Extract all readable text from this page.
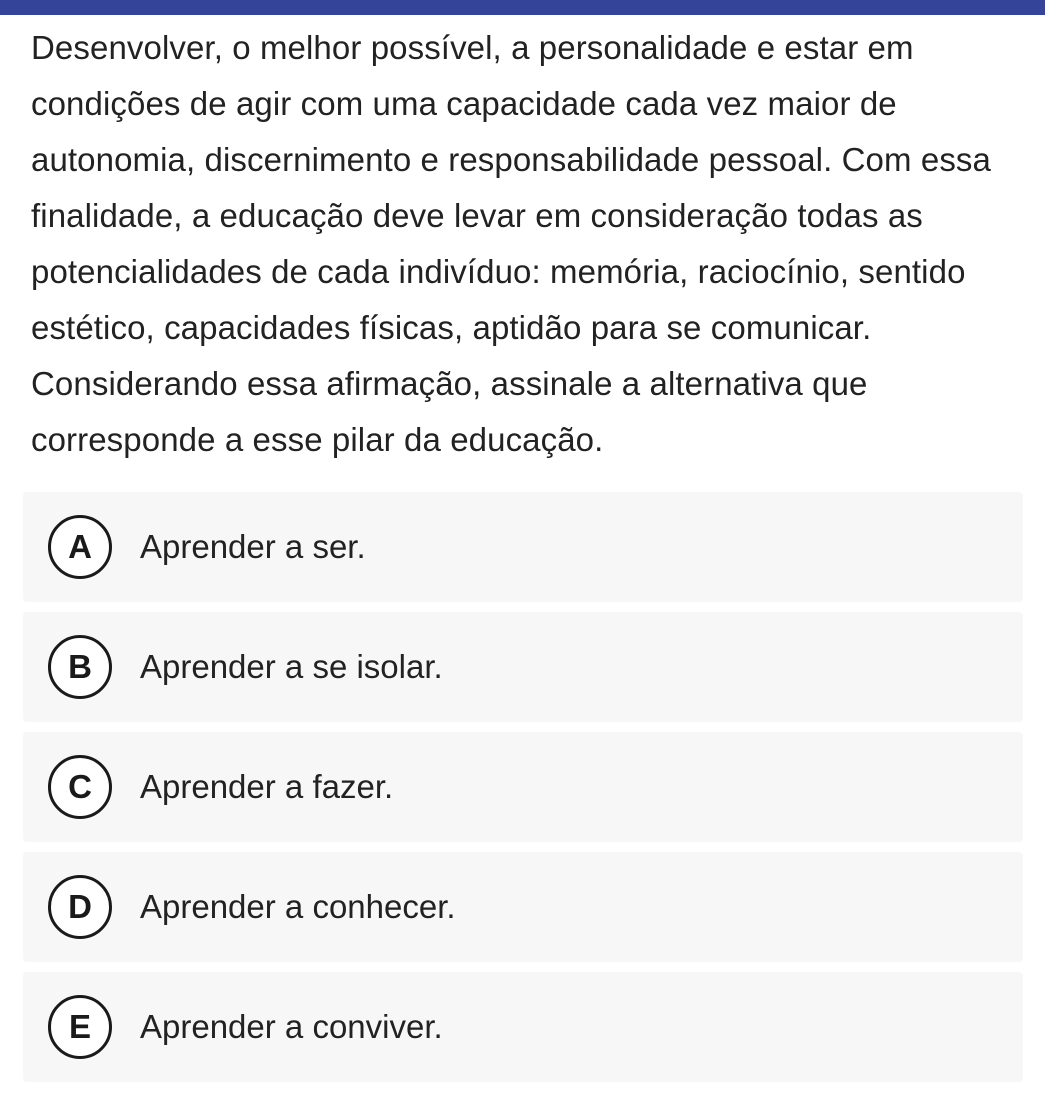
Desenvolver, o melhor possível, a personalidade e estar em condições de agir com uma capacidade cada vez maior de autonomia, discernimento e responsabilidade pessoal. Com essa finalidade, a educação deve levar em consideração todas as potencialidades de cada indivíduo: memória, raciocínio, sentido estético, capacidades físicas, aptidão para se comunicar. Considerando essa afirmação, assinale a alternativa que corresponde a esse pilar da educação.

A	Aprender a ser.
B	Aprender a se isolar.
C	Aprender a fazer.
D	Aprender a conhecer.
E	Aprender a conviver.
